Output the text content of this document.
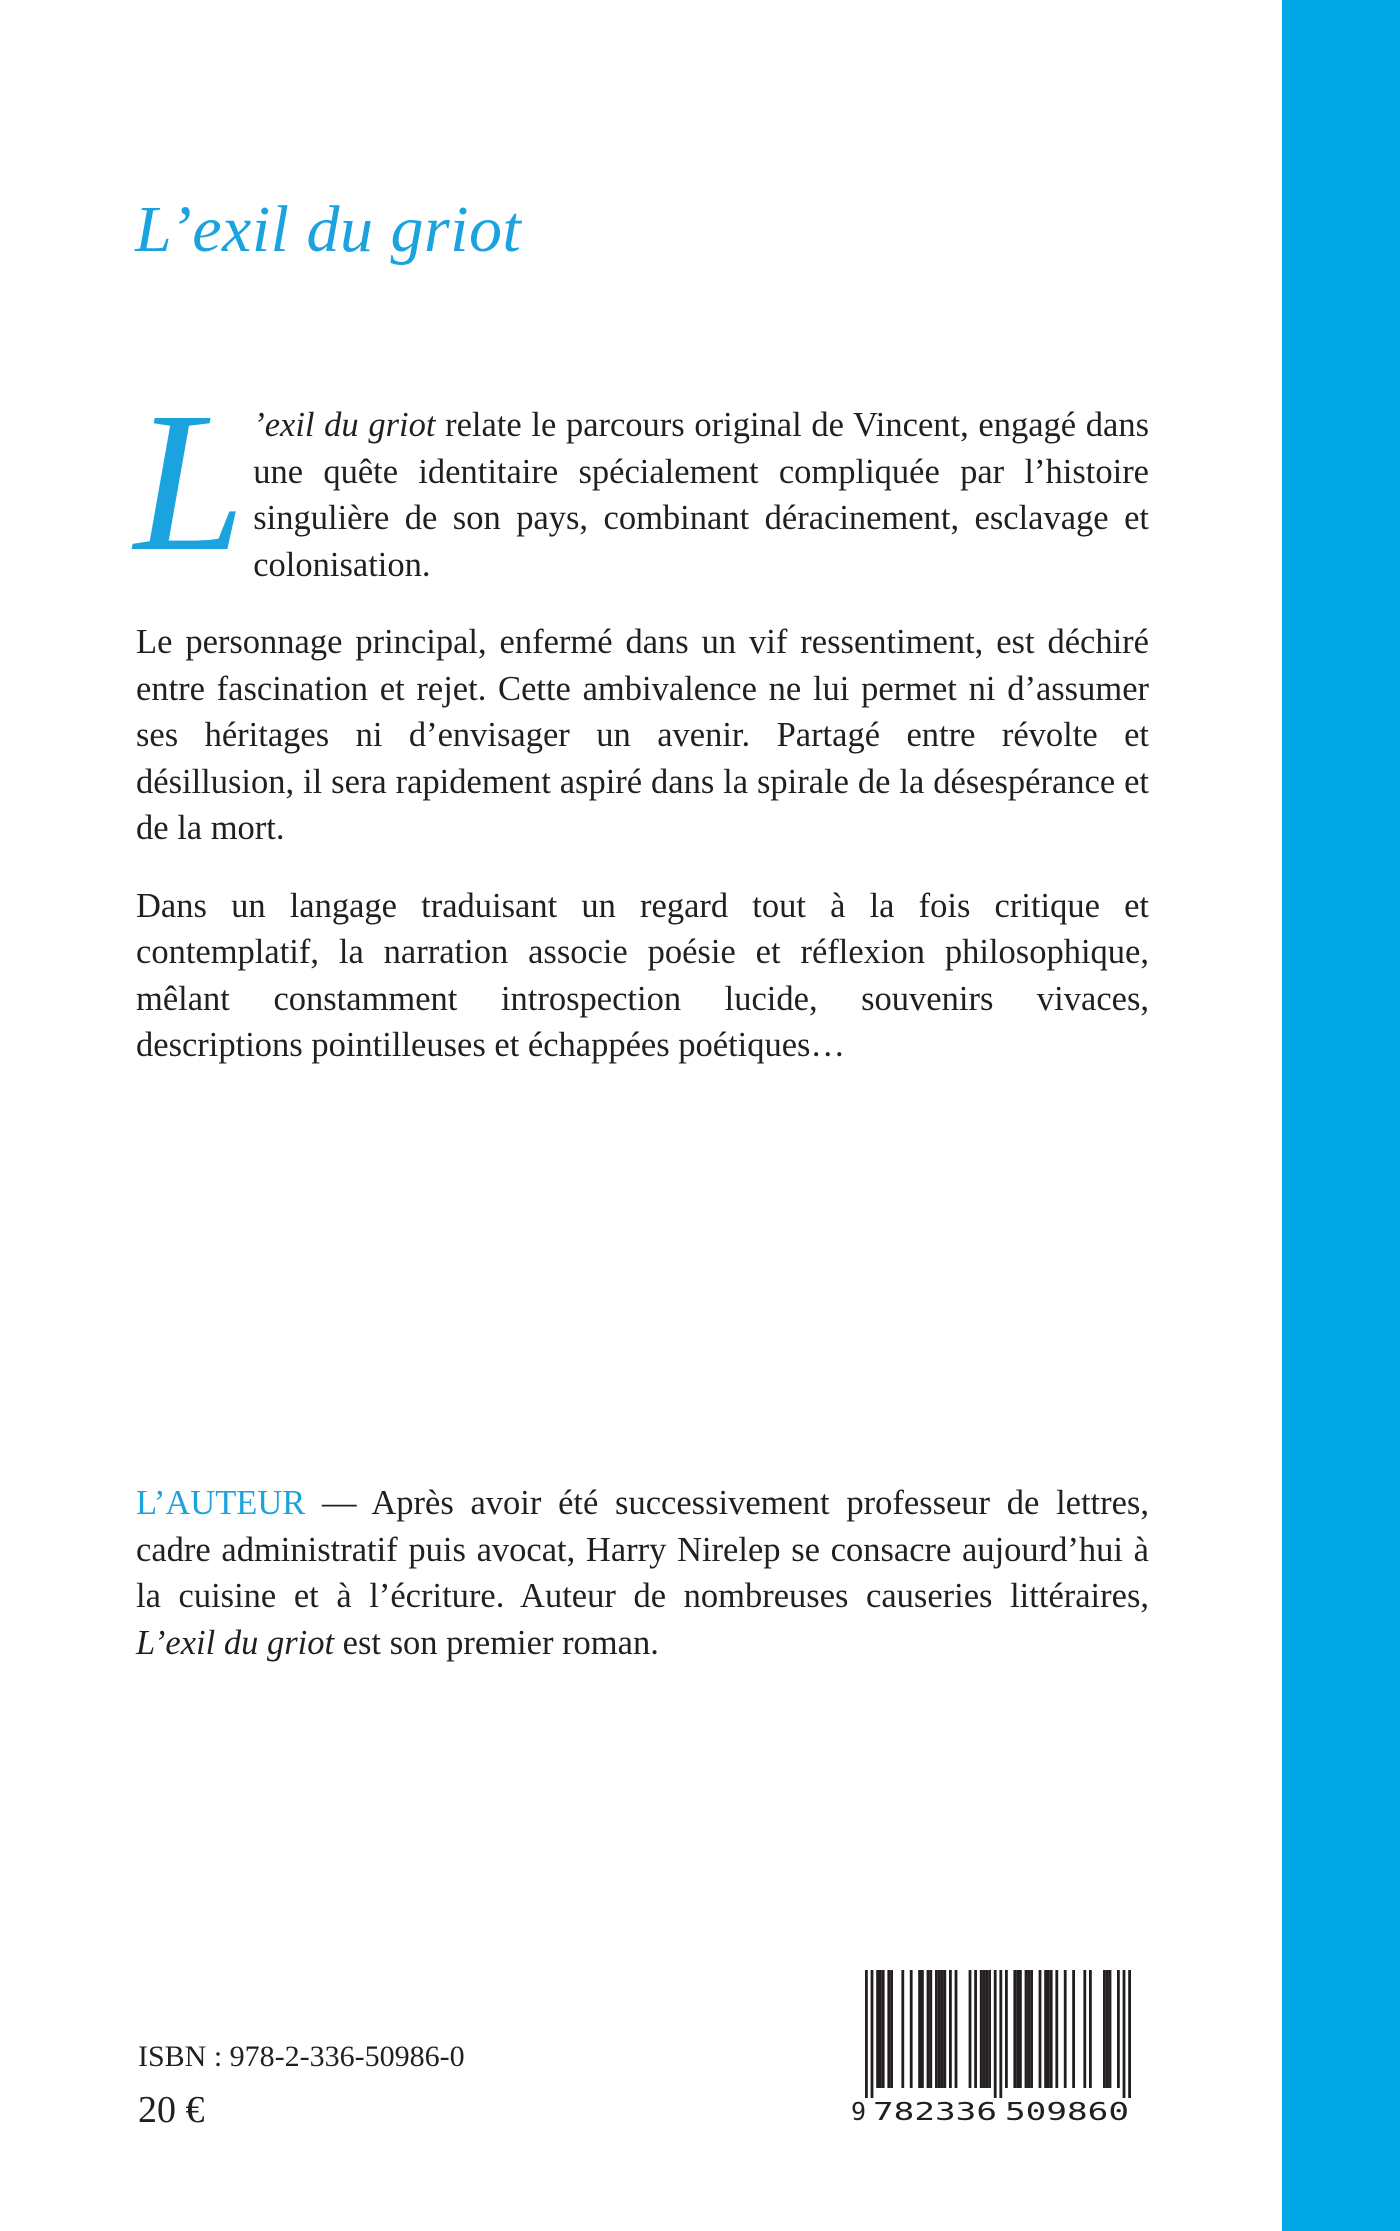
L’exil du griot

L ’exil du griot relate le parcours original de Vincent, engagé dans une quête identitaire spécialement compliquée par l’histoire singulière de son pays, combinant déracinement, esclavage et colonisation.

Le personnage principal, enfermé dans un vif ressentiment, est déchiré entre fascination et rejet. Cette ambivalence ne lui permet ni d’assumer ses héritages ni d’envisager un avenir. Partagé entre révolte et désillusion, il sera rapidement aspiré dans la spirale de la désespérance et de la mort.

Dans un langage traduisant un regard tout à la fois critique et contemplatif, la narration associe poésie et réflexion philosophique, mêlant constamment introspection lucide, souvenirs vivaces, descriptions pointilleuses et échappées poétiques…

L’AUTEUR — Après avoir été successivement professeur de lettres, cadre administratif puis avocat, Harry Nirelep se consacre aujourd’hui à la cuisine et à l’écriture. Auteur de nombreuses causeries littéraires, L’exil du griot est son premier roman.

ISBN : 978-2-336-50986-0

20 €	9 782336 509860
